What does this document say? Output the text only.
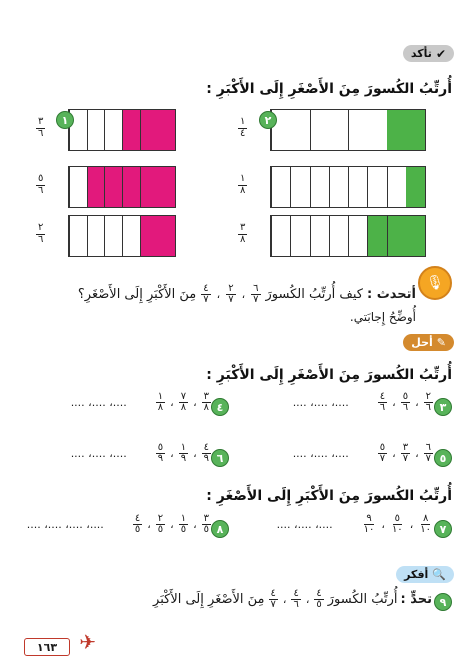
✔
تأكد
أُرتِّبُ الكُسورَ مِنَ الأَصْغَرِ إِلَى الأَكْبَرِ :
٣
٦
١	١
٤
٢
٥
٦
١
٨
٢
٦
٣
٨
🎙
أتحدث :
كيف أُرتِّبُ الكُسورَ
$\frac{٦}{٧}$
،
$\frac{٢}{٧}$
،
$\frac{٤}{٧}$
مِنَ الأَكْبَرِ إِلَى الأَصْغَرِ؟
أُوضِّحُ إِجابَتي.
✎
أحل
أُرتِّبُ الكُسورَ مِنَ الأَصْغَرِ إِلَى الأَكْبَرِ :
٣
$\frac{٢}{٦}$
،
$\frac{٥}{٦}$
،
$\frac{٤}{٦}$
....، ....، ....
٤
$\frac{٣}{٨}$
،
$\frac{٧}{٨}$
،
$\frac{١}{٨}$
....، ....، ....
٥
$\frac{٦}{٧}$
،
$\frac{٣}{٧}$
،
$\frac{٥}{٧}$
....، ....، ....
٦
$\frac{٤}{٩}$
،
$\frac{١}{٩}$
،
$\frac{٥}{٩}$
....، ....، ....
٧
$\frac{٨}{١٠}$
،
$\frac{٥}{١٠}$
،
$\frac{٩}{١٠}$
....، ....، ....
٨
$\frac{٣}{٥}$
،
$\frac{١}{٥}$
،
$\frac{٢}{٥}$
،
$\frac{٤}{٥}$
....، ....، ....، ....
أُرتِّبُ الكُسورَ مِنَ الأَكْبَرِ إِلَى الأَصْغَرِ :
🔍
أفكر
٩
تحدٍّ :
أُرتِّبُ الكُسورَ
$\frac{٤}{٥}$
،
$\frac{٤}{٦}$
،
$\frac{٤}{٧}$
مِنَ الأَصْغَرِ إِلَى الأَكْبَرِ
١٦٣	✈
